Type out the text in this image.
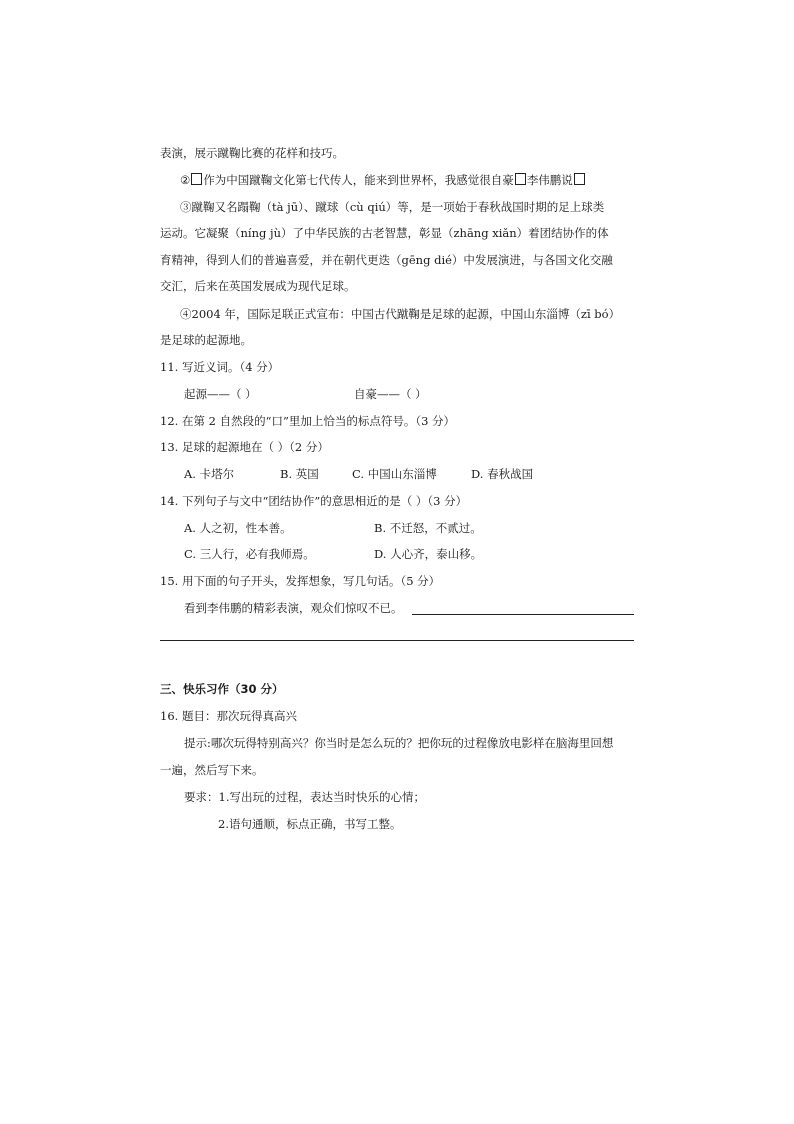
表演，展示蹴鞠比赛的花样和技巧。
② 作为中国蹴鞠文化第七代传人，能来到世界杯，我感觉很自豪 李伟鹏说
③蹴鞠又名蹋鞠（tà jū）、蹴球（cù qiú）等，是一项始于春秋战国时期的足上球类
运动。它凝聚（níng jù）了中华民族的古老智慧，彰显（zhāng xiǎn）着团结协作的体
育精神，得到人们的普遍喜爱，并在朝代更迭（gēng dié）中发展演进，与各国文化交融
交汇，后来在英国发展成为现代足球。
④2004 年，国际足联正式宣布：中国古代蹴鞠是足球的起源，中国山东淄博（zī bó）
是足球的起源地。
11. 写近义词。（4 分）
起源——（ ）	自豪——（ ）
12. 在第 2 自然段的“口”里加上恰当的标点符号。（3 分）
13. 足球的起源地在（ ）（2 分）
A. 卡塔尔	B. 英国	C. 中国山东淄博	D. 春秋战国
14. 下列句子与文中“团结协作”的意思相近的是（ ）（3 分）
A. 人之初，性本善。	B. 不迁怒，不贰过。
C. 三人行，必有我师焉。	D. 人心齐，泰山移。
15. 用下面的句子开头，发挥想象，写几句话。（5 分）
看到李伟鹏的精彩表演，观众们惊叹不已。
三、快乐习作（30 分）
16. 题目：那次玩得真高兴
提示:哪次玩得特别高兴？你当时是怎么玩的？把你玩的过程像放电影样在脑海里回想
一遍，然后写下来。
要求：1.写出玩的过程，表达当时快乐的心情；
2.语句通顺，标点正确，书写工整。
